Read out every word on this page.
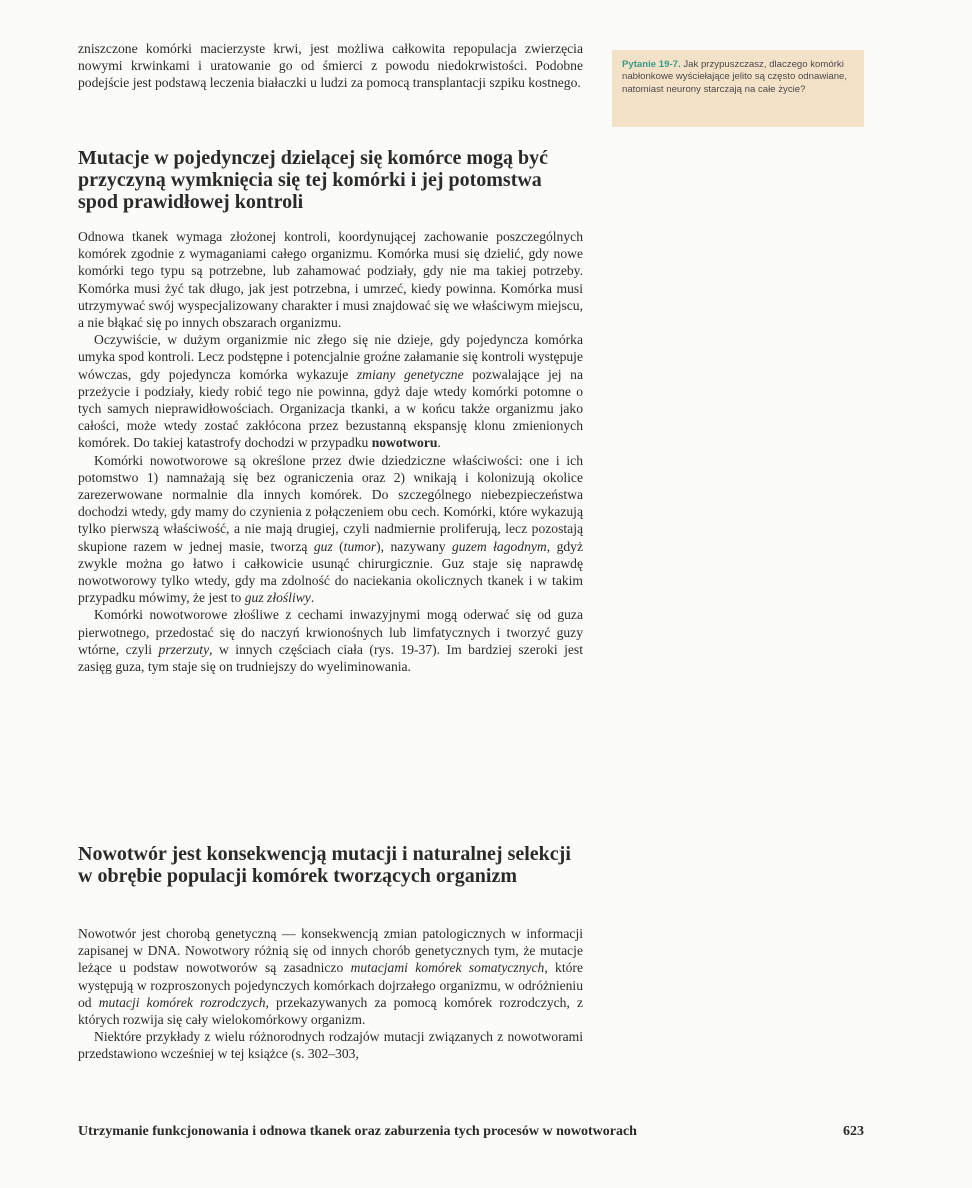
zniszczone komórki macierzyste krwi, jest możliwa całkowita repopulacja zwierzęcia nowymi krwinkami i uratowanie go od śmierci z powodu niedokrwistości. Podobne podejście jest podstawą leczenia białaczki u ludzi za pomocą transplantacji szpiku kostnego.

Pytanie 19-7. Jak przypuszczasz, dlaczego komórki nabłonkowe wyściełające jelito są często odnawiane, natomiast neurony starczają na całe życie?
Mutacje w pojedynczej dzielącej się komórce mogą być przyczyną wymknięcia się tej komórki i jej potomstwa spod prawidłowej kontroli

Odnowa tkanek wymaga złożonej kontroli, koordynującej zachowanie poszczególnych komórek zgodnie z wymaganiami całego organizmu. Komórka musi się dzielić, gdy nowe komórki tego typu są potrzebne, lub zahamować podziały, gdy nie ma takiej potrzeby. Komórka musi żyć tak długo, jak jest potrzebna, i umrzeć, kiedy powinna. Komórka musi utrzymywać swój wyspecjalizowany charakter i musi znajdować się we właściwym miejscu, a nie błąkać się po innych obszarach organizmu.

Oczywiście, w dużym organizmie nic złego się nie dzieje, gdy pojedyncza komórka umyka spod kontroli. Lecz podstępne i potencjalnie groźne załamanie się kontroli występuje wówczas, gdy pojedyncza komórka wykazuje zmiany genetyczne pozwalające jej na przeżycie i podziały, kiedy robić tego nie powinna, gdyż daje wtedy komórki potomne o tych samych nieprawidłowościach. Organizacja tkanki, a w końcu także organizmu jako całości, może wtedy zostać zakłócona przez bezustanną ekspansję klonu zmienionych komórek. Do takiej katastrofy dochodzi w przypadku nowotworu.

Komórki nowotworowe są określone przez dwie dziedziczne właściwości: one i ich potomstwo 1) namnażają się bez ograniczenia oraz 2) wnikają i kolonizują okolice zarezerwowane normalnie dla innych komórek. Do szczególnego niebezpieczeństwa dochodzi wtedy, gdy mamy do czynienia z połączeniem obu cech. Komórki, które wykazują tylko pierwszą właściwość, a nie mają drugiej, czyli nadmiernie proliferują, lecz pozostają skupione razem w jednej masie, tworzą guz (tumor), nazywany guzem łagodnym, gdyż zwykle można go łatwo i całkowicie usunąć chirurgicznie. Guz staje się naprawdę nowotworowy tylko wtedy, gdy ma zdolność do naciekania okolicznych tkanek i w takim przypadku mówimy, że jest to guz złośliwy.

Komórki nowotworowe złośliwe z cechami inwazyjnymi mogą oderwać się od guza pierwotnego, przedostać się do naczyń krwionośnych lub limfatycznych i tworzyć guzy wtórne, czyli przerzuty, w innych częściach ciała (rys. 19-37). Im bardziej szeroki jest zasięg guza, tym staje się on trudniejszy do wyeliminowania.

Nowotwór jest konsekwencją mutacji i naturalnej selekcji w obrębie populacji komórek tworzących organizm

Nowotwór jest chorobą genetyczną — konsekwencją zmian patologicznych w informacji zapisanej w DNA. Nowotwory różnią się od innych chorób genetycznych tym, że mutacje leżące u podstaw nowotworów są zasadniczo mutacjami komórek somatycznych, które występują w rozproszonych pojedynczych komórkach dojrzałego organizmu, w odróżnieniu od mutacji komórek rozrodczych, przekazywanych za pomocą komórek rozrodczych, z których rozwija się cały wielokomórkowy organizm.

Niektóre przykłady z wielu różnorodnych rodzajów mutacji związanych z nowotworami przedstawiono wcześniej w tej książce (s. 302–303,

Utrzymanie funkcjonowania i odnowa tkanek oraz zaburzenia tych procesów w nowotworach	623
